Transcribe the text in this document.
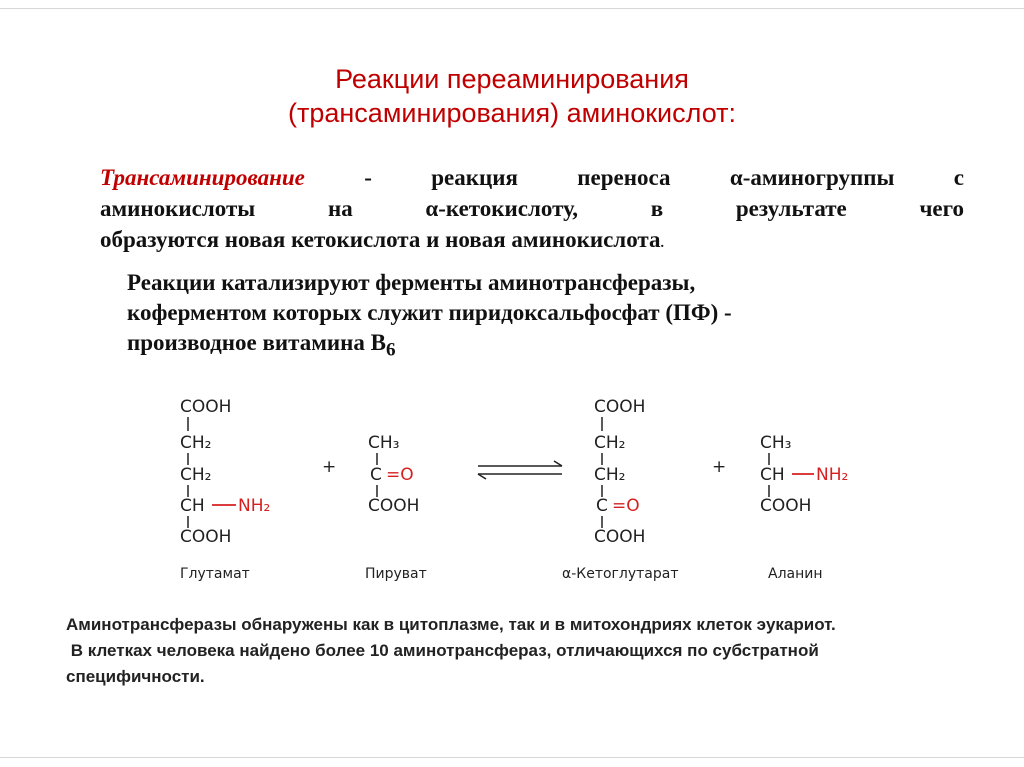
Реакции переаминирования
(трансаминирования) аминокислот:
Трансаминирование - реакция переноса α-аминогруппы с
аминокислоты на α-кетокислоту, в результате чего
образуются новая кетокислота и новая аминокислота.
Реакции катализируют ферменты аминотрансферазы,
коферментом которых служит пиридоксальфосфат (ПФ) -
производное витамина $В_6$
COOH
CH₂
CH₂
CH NH₂
COOH
Глутамат
+
CH₃
C =O
COOH
Пируват
COOH
CH₂
CH₂
C =O
COOH
α-Кетоглутарат
+
CH₃
CH NH₂
COOH
Аланин
Аминотрансферазы обнаружены как в цитоплазме, так и в митохондриях клеток эукариот.
В клетках человека найдено более 10 аминотрансфераз, отличающихся по субстратной
специфичности.
